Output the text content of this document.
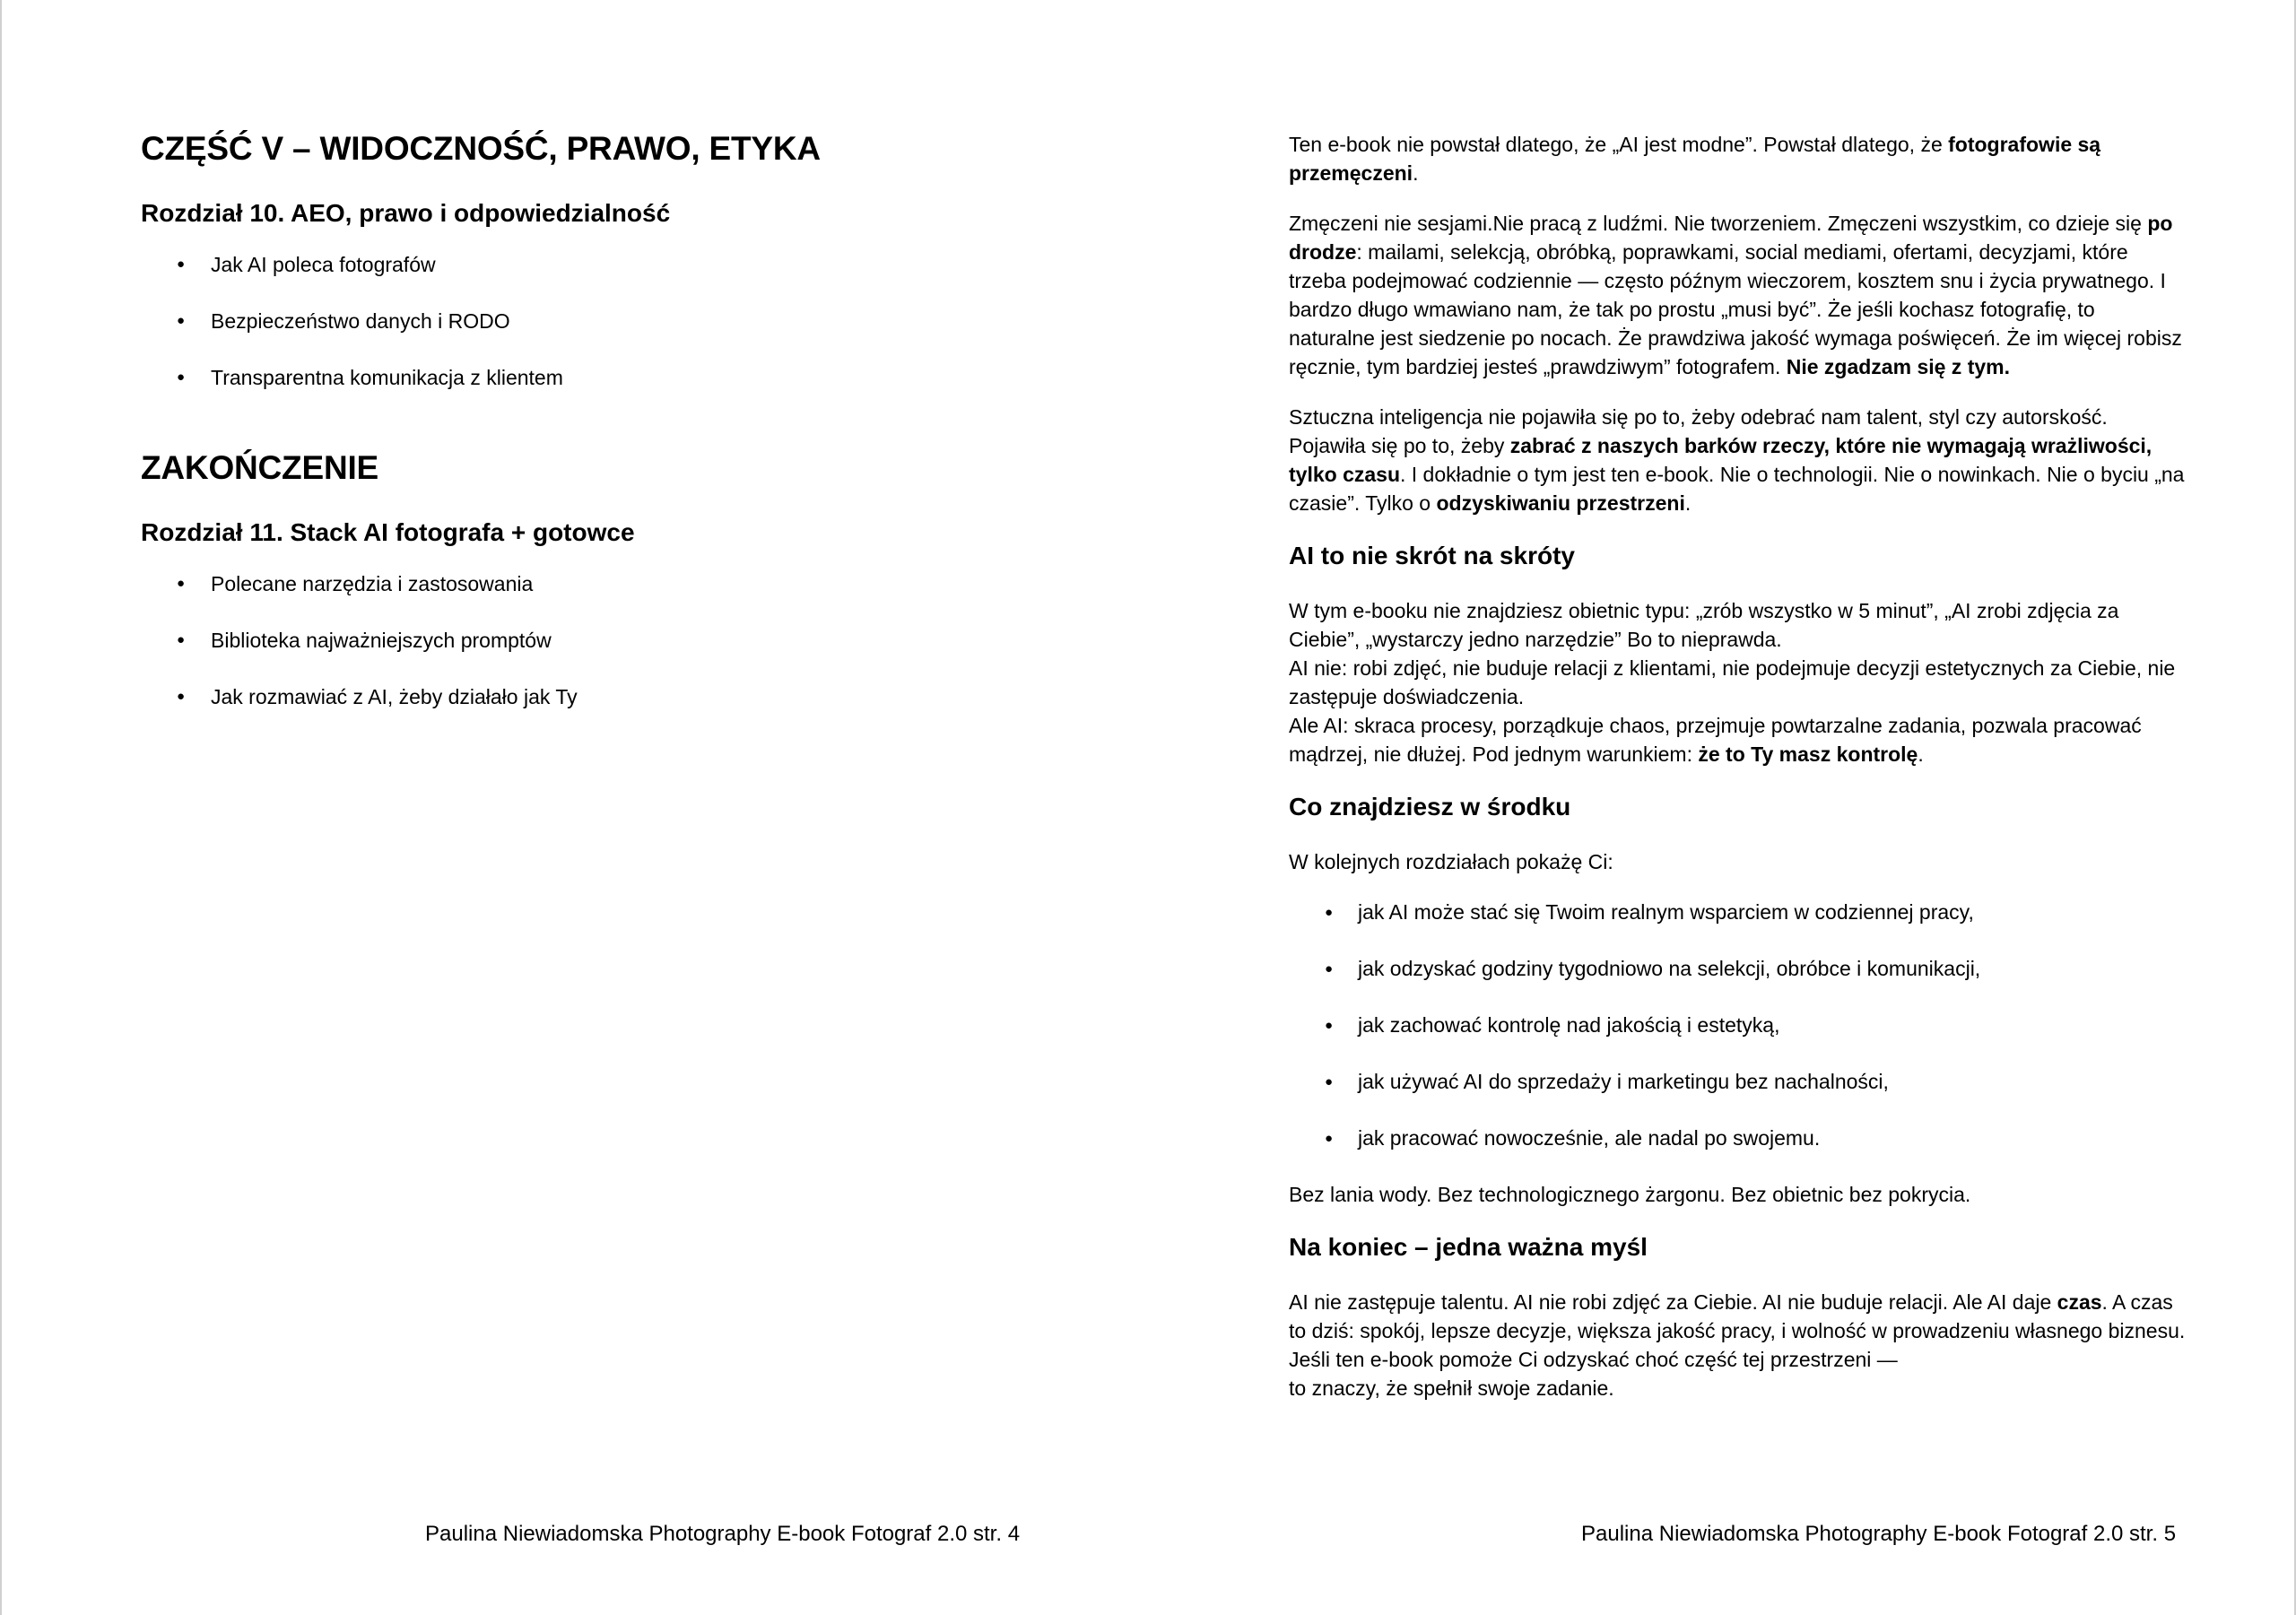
CZĘŚĆ V – WIDOCZNOŚĆ, PRAWO, ETYKA
Rozdział 10. AEO, prawo i odpowiedzialność
● Jak AI poleca fotografów
● Bezpieczeństwo danych i RODO
● Transparentna komunikacja z klientem
ZAKOŃCZENIE
Rozdział 11. Stack AI fotografa + gotowce
● Polecane narzędzia i zastosowania
● Biblioteka najważniejszych promptów
● Jak rozmawiać z AI, żeby działało jak Ty
Paulina Niewiadomska Photography E-book Fotograf 2.0 str. 4

Ten e-book nie powstał dlatego, że „AI jest modne”. Powstał dlatego, że fotografowie są przemęczeni.

Zmęczeni nie sesjami.Nie pracą z ludźmi. Nie tworzeniem. Zmęczeni wszystkim, co dzieje się po drodze: mailami, selekcją, obróbką, poprawkami, social mediami, ofertami, decyzjami, które trzeba podejmować codziennie — często późnym wieczorem, kosztem snu i życia prywatnego. I bardzo długo wmawiano nam, że tak po prostu „musi być”. Że jeśli kochasz fotografię, to naturalne jest siedzenie po nocach. Że prawdziwa jakość wymaga poświęceń. Że im więcej robisz ręcznie, tym bardziej jesteś „prawdziwym” fotografem. Nie zgadzam się z tym.

Sztuczna inteligencja nie pojawiła się po to, żeby odebrać nam talent, styl czy autorskość. Pojawiła się po to, żeby zabrać z naszych barków rzeczy, które nie wymagają wrażliwości, tylko czasu. I dokładnie o tym jest ten e-book. Nie o technologii. Nie o nowinkach. Nie o byciu „na czasie”. Tylko o odzyskiwaniu przestrzeni.

AI to nie skrót na skróty

W tym e-booku nie znajdziesz obietnic typu: „zrób wszystko w 5 minut”, „AI zrobi zdjęcia za Ciebie”, „wystarczy jedno narzędzie” Bo to nieprawda.
AI nie: robi zdjęć, nie buduje relacji z klientami, nie podejmuje decyzji estetycznych za Ciebie, nie zastępuje doświadczenia.
Ale AI: skraca procesy, porządkuje chaos, przejmuje powtarzalne zadania, pozwala pracować mądrzej, nie dłużej. Pod jednym warunkiem: że to Ty masz kontrolę.

Co znajdziesz w środku

W kolejnych rozdziałach pokażę Ci:

● jak AI może stać się Twoim realnym wsparciem w codziennej pracy,
● jak odzyskać godziny tygodniowo na selekcji, obróbce i komunikacji,
● jak zachować kontrolę nad jakością i estetyką,
● jak używać AI do sprzedaży i marketingu bez nachalności,
● jak pracować nowocześnie, ale nadal po swojemu.

Bez lania wody. Bez technologicznego żargonu. Bez obietnic bez pokrycia.

Na koniec – jedna ważna myśl

AI nie zastępuje talentu. AI nie robi zdjęć za Ciebie. AI nie buduje relacji. Ale AI daje czas. A czas to dziś: spokój, lepsze decyzje, większa jakość pracy, i wolność w prowadzeniu własnego biznesu. Jeśli ten e-book pomoże Ci odzyskać choć część tej przestrzeni —
to znaczy, że spełnił swoje zadanie.

Paulina Niewiadomska Photography E-book Fotograf 2.0 str. 5
